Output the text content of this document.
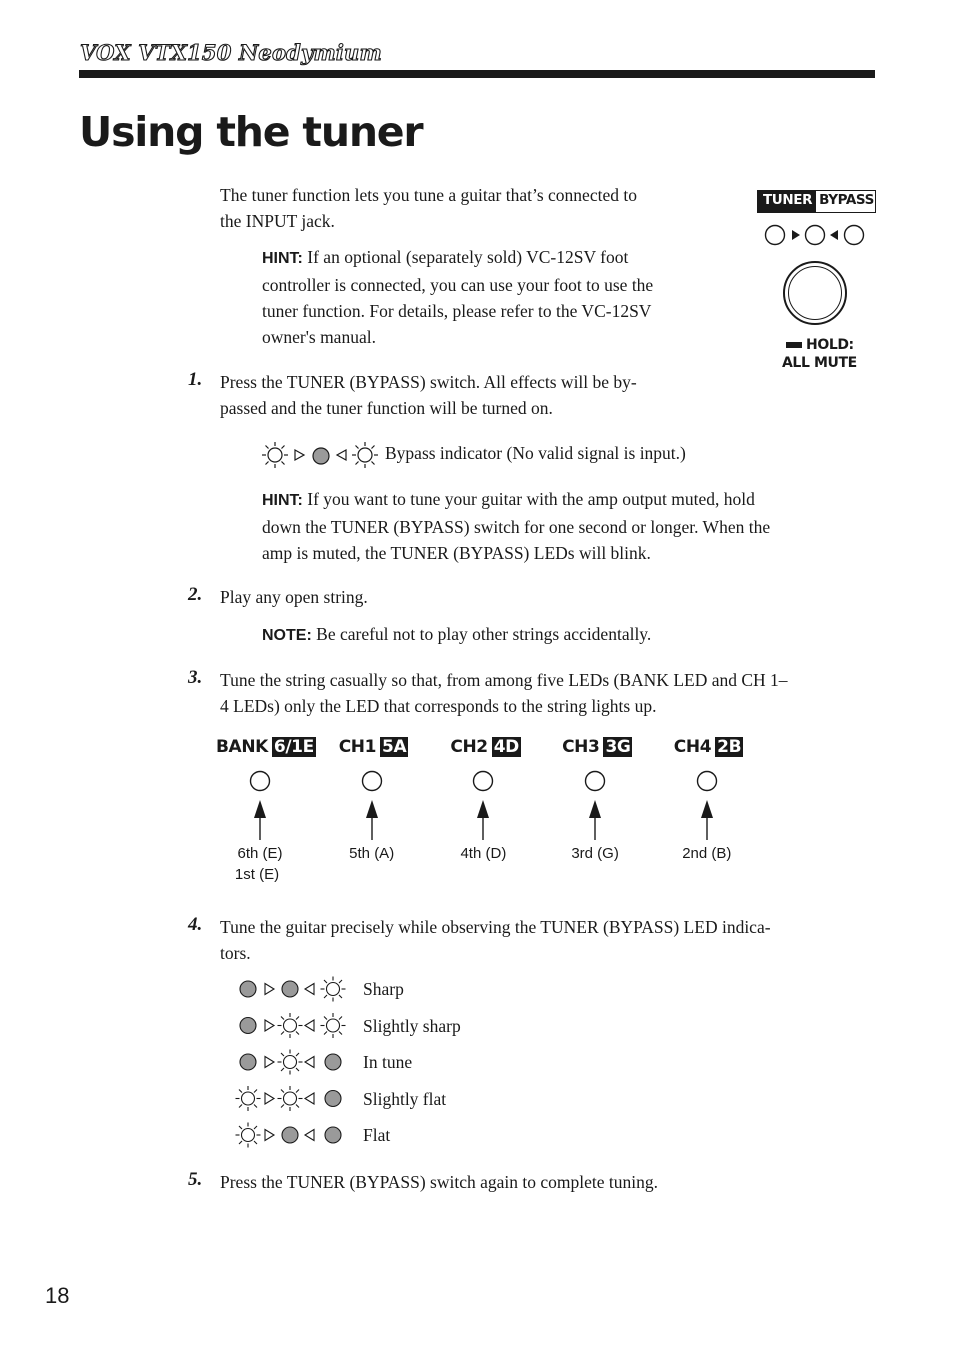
VOX VTX150 Neodymium
Using the tuner
The tuner function lets you tune a guitar that’s connected to
the INPUT jack.
HINT: If an optional (separately sold) VC-12SV foot
controller is connected, you can use your foot to use the
tuner function. For details, please refer to the VC-12SV
owner's manual.
TUNER BYPASS
HOLD:
ALL MUTE
1. Press the TUNER (BYPASS) switch. All effects will be by-
passed and the tuner function will be turned on.
Bypass indicator (No valid signal is input.)
HINT: If you want to tune your guitar with the amp output muted, hold
down the TUNER (BYPASS) switch for one second or longer. When the
amp is muted, the TUNER (BYPASS) LEDs will blink.
2. Play any open string.
NOTE: Be careful not to play other strings accidentally.
3. Tune the string casually so that, from among five LEDs (BANK LED and CH 1–
4 LEDs) only the LED that corresponds to the string lights up.
BANK 6/1E
6th (E)
1st (E)
CH1 5A
5th (A)
CH2 4D
4th (D)
CH3 3G
3rd (G)
CH4 2B
2nd (B)
4. Tune the guitar precisely while observing the TUNER (BYPASS) LED indica-
tors.
Sharp
Slightly sharp
In tune
Slightly flat
Flat
5. Press the TUNER (BYPASS) switch again to complete tuning.
18
